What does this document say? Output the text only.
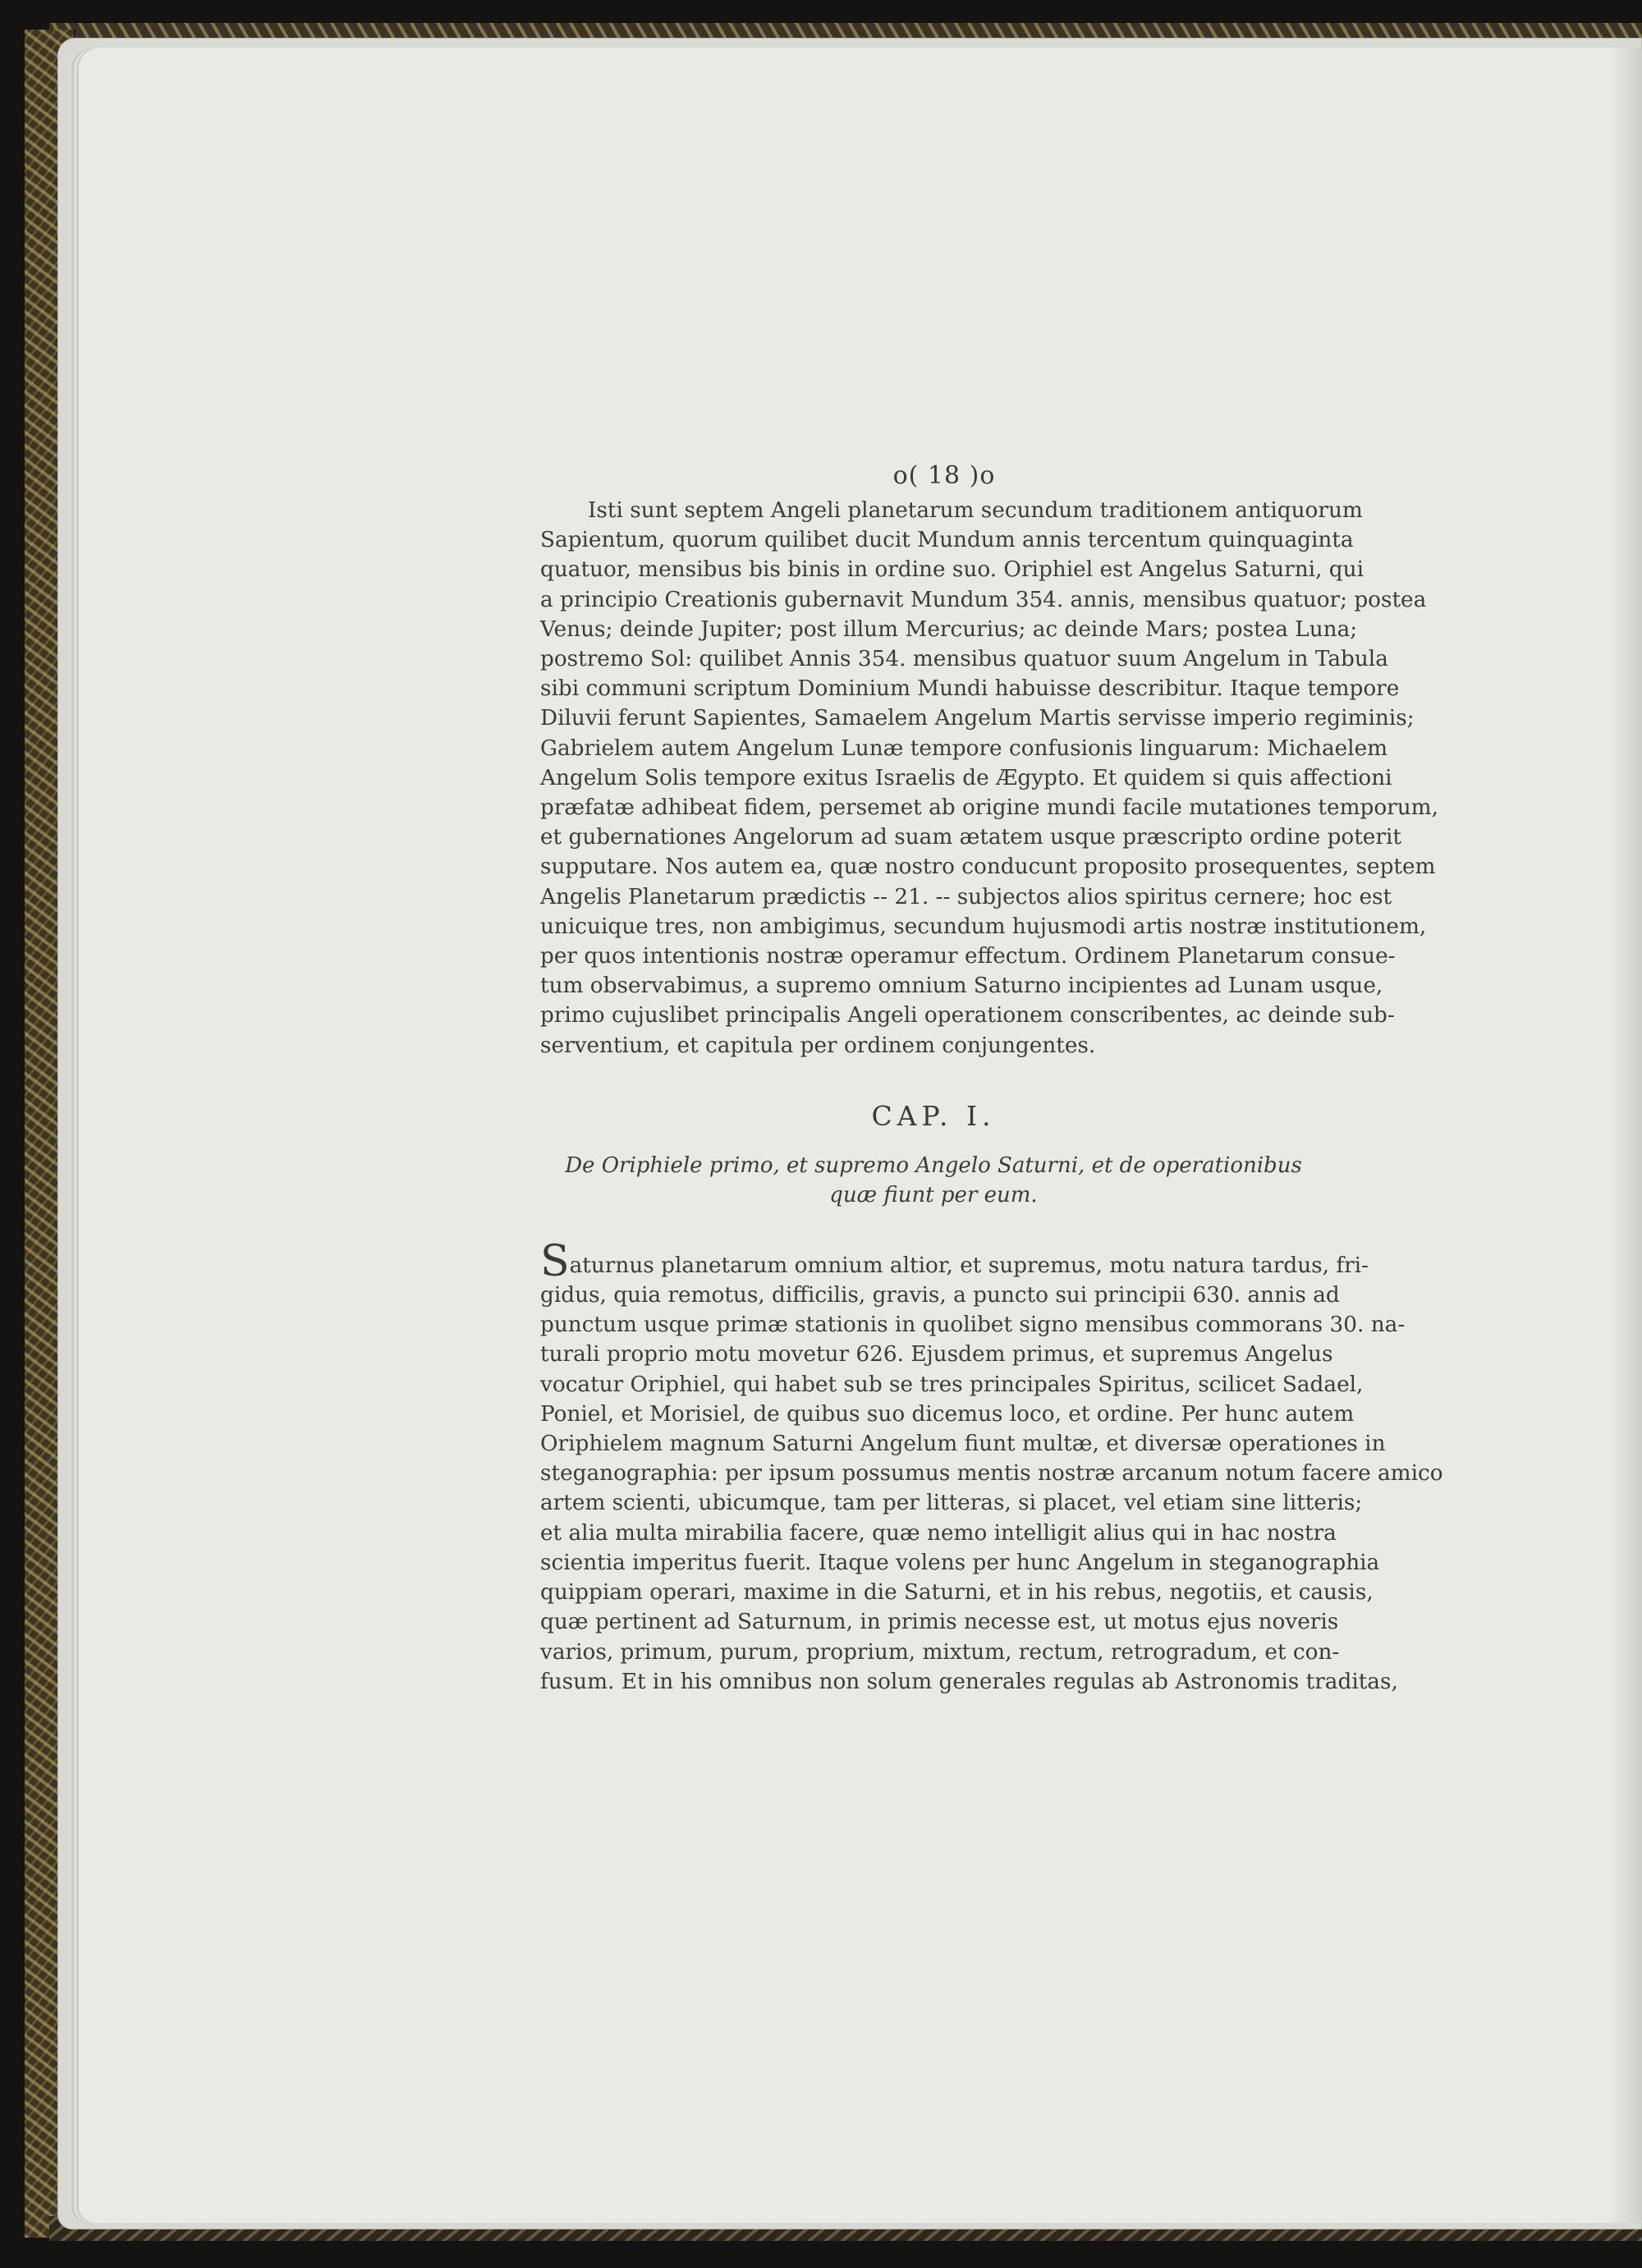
o( 18 )o
Isti sunt septem Angeli planetarum secundum traditionem antiquorum
Sapientum, quorum quilibet ducit Mundum annis tercentum quinquaginta
quatuor, mensibus bis binis in ordine suo. Oriphiel est Angelus Saturni, qui
a principio Creationis gubernavit Mundum 354. annis, mensibus quatuor; postea
Venus; deinde Jupiter; post illum Mercurius; ac deinde Mars; postea Luna;
postremo Sol: quilibet Annis 354. mensibus quatuor suum Angelum in Tabula
sibi communi scriptum Dominium Mundi habuisse describitur. Itaque tempore
Diluvii ferunt Sapientes, Samaelem Angelum Martis servisse imperio regiminis;
Gabrielem autem Angelum Lunæ tempore confusionis linguarum: Michaelem
Angelum Solis tempore exitus Israelis de Ægypto. Et quidem si quis affectioni
præfatæ adhibeat fidem, persemet ab origine mundi facile mutationes temporum,
et gubernationes Angelorum ad suam ætatem usque præscripto ordine poterit
supputare. Nos autem ea, quæ nostro conducunt proposito prosequentes, septem
Angelis Planetarum prædictis -- 21. -- subjectos alios spiritus cernere; hoc est
unicuique tres, non ambigimus, secundum hujusmodi artis nostræ institutionem,
per quos intentionis nostræ operamur effectum. Ordinem Planetarum consue-
tum observabimus, a supremo omnium Saturno incipientes ad Lunam usque,
primo cujuslibet principalis Angeli operationem conscribentes, ac deinde sub-
serventium, et capitula per ordinem conjungentes.
CAP. I.
De Oriphiele primo, et supremo Angelo Saturni, et de operationibus
quæ fiunt per eum.
Saturnus planetarum omnium altior, et supremus, motu natura tardus, fri-
gidus, quia remotus, difficilis, gravis, a puncto sui principii 630. annis ad
punctum usque primæ stationis in quolibet signo mensibus commorans 30. na-
turali proprio motu movetur 626. Ejusdem primus, et supremus Angelus
vocatur Oriphiel, qui habet sub se tres principales Spiritus, scilicet Sadael,
Poniel, et Morisiel, de quibus suo dicemus loco, et ordine. Per hunc autem
Oriphielem magnum Saturni Angelum fiunt multæ, et diversæ operationes in
steganographia: per ipsum possumus mentis nostræ arcanum notum facere amico
artem scienti, ubicumque, tam per litteras, si placet, vel etiam sine litteris;
et alia multa mirabilia facere, quæ nemo intelligit alius qui in hac nostra
scientia imperitus fuerit. Itaque volens per hunc Angelum in steganographia
quippiam operari, maxime in die Saturni, et in his rebus, negotiis, et causis,
quæ pertinent ad Saturnum, in primis necesse est, ut motus ejus noveris
varios, primum, purum, proprium, mixtum, rectum, retrogradum, et con-
fusum. Et in his omnibus non solum generales regulas ab Astronomis traditas,
